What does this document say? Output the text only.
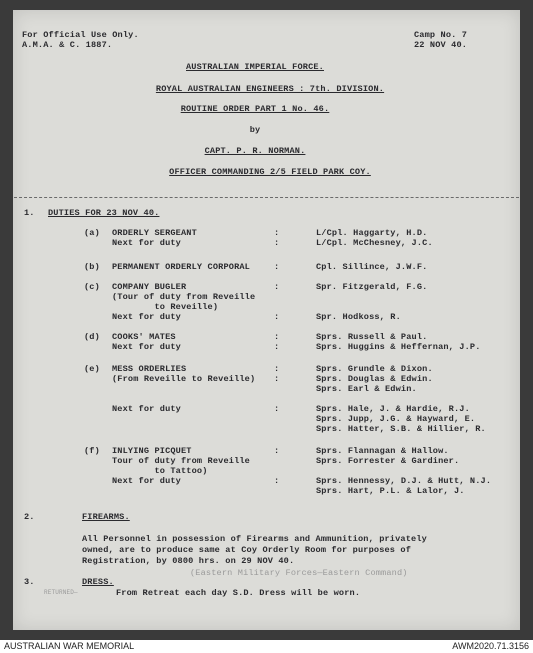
For Official Use Only.
A.M.A. & C. 1887.
Camp No. 7
22 NOV 40.
AUSTRALIAN IMPERIAL FORCE.
ROYAL AUSTRALIAN ENGINEERS : 7th. DIVISION.
ROUTINE ORDER PART 1 No. 46.
by
CAPT. P. R. NORMAN.
OFFICER COMMANDING 2/5 FIELD PARK COY.
1. DUTIES FOR 23 NOV 40.
(a) ORDERLY SERGEANT	:	L/Cpl. Haggarty, H.D.
Next for duty	:	L/Cpl. McChesney, J.C.
(b) PERMANENT ORDERLY CORPORAL	:	Cpl. Sillince, J.W.F.
(c) COMPANY BUGLER	:	Spr. Fitzgerald, F.G.
(Tour of duty from Reveille
to Reveille)
Next for duty	:	Spr. Hodkoss, R.
(d) COOKS' MATES	:	Sprs. Russell & Paul.
Next for duty	:	Sprs. Huggins & Heffernan, J.P.
(e) MESS ORDERLIES	:	Sprs. Grundle & Dixon.
(From Reveille to Reveille) :	Sprs. Douglas & Edwin.
Sprs. Earl & Edwin.
Next for duty	:	Sprs. Hale, J. & Hardie, R.J.
Sprs. Jupp, J.G. & Hayward, E.
Sprs. Hatter, S.B. & Hillier, R.
(f) INLYING PICQUET	:	Sprs. Flannagan & Hallow.
Tour of duty from Reveille	Sprs. Forrester & Gardiner.
to Tattoo)
Next for duty	:	Sprs. Hennessy, D.J. & Hutt, N.J.
Sprs. Hart, P.L. & Lalor, J.
2.	FIREARMS.
All Personnel in possession of Firearms and Ammunition, privately
owned, are to produce same at Coy Orderly Room for purposes of
Registration, by 0800 hrs. on 29 NOV 40.
(Eastern Military Forces—Eastern Command)
3.	DRESS.
RETURNED—	From Retreat each day S.D. Dress will be worn.
AUSTRALIAN WAR MEMORIAL	AWM2020.71.3156
